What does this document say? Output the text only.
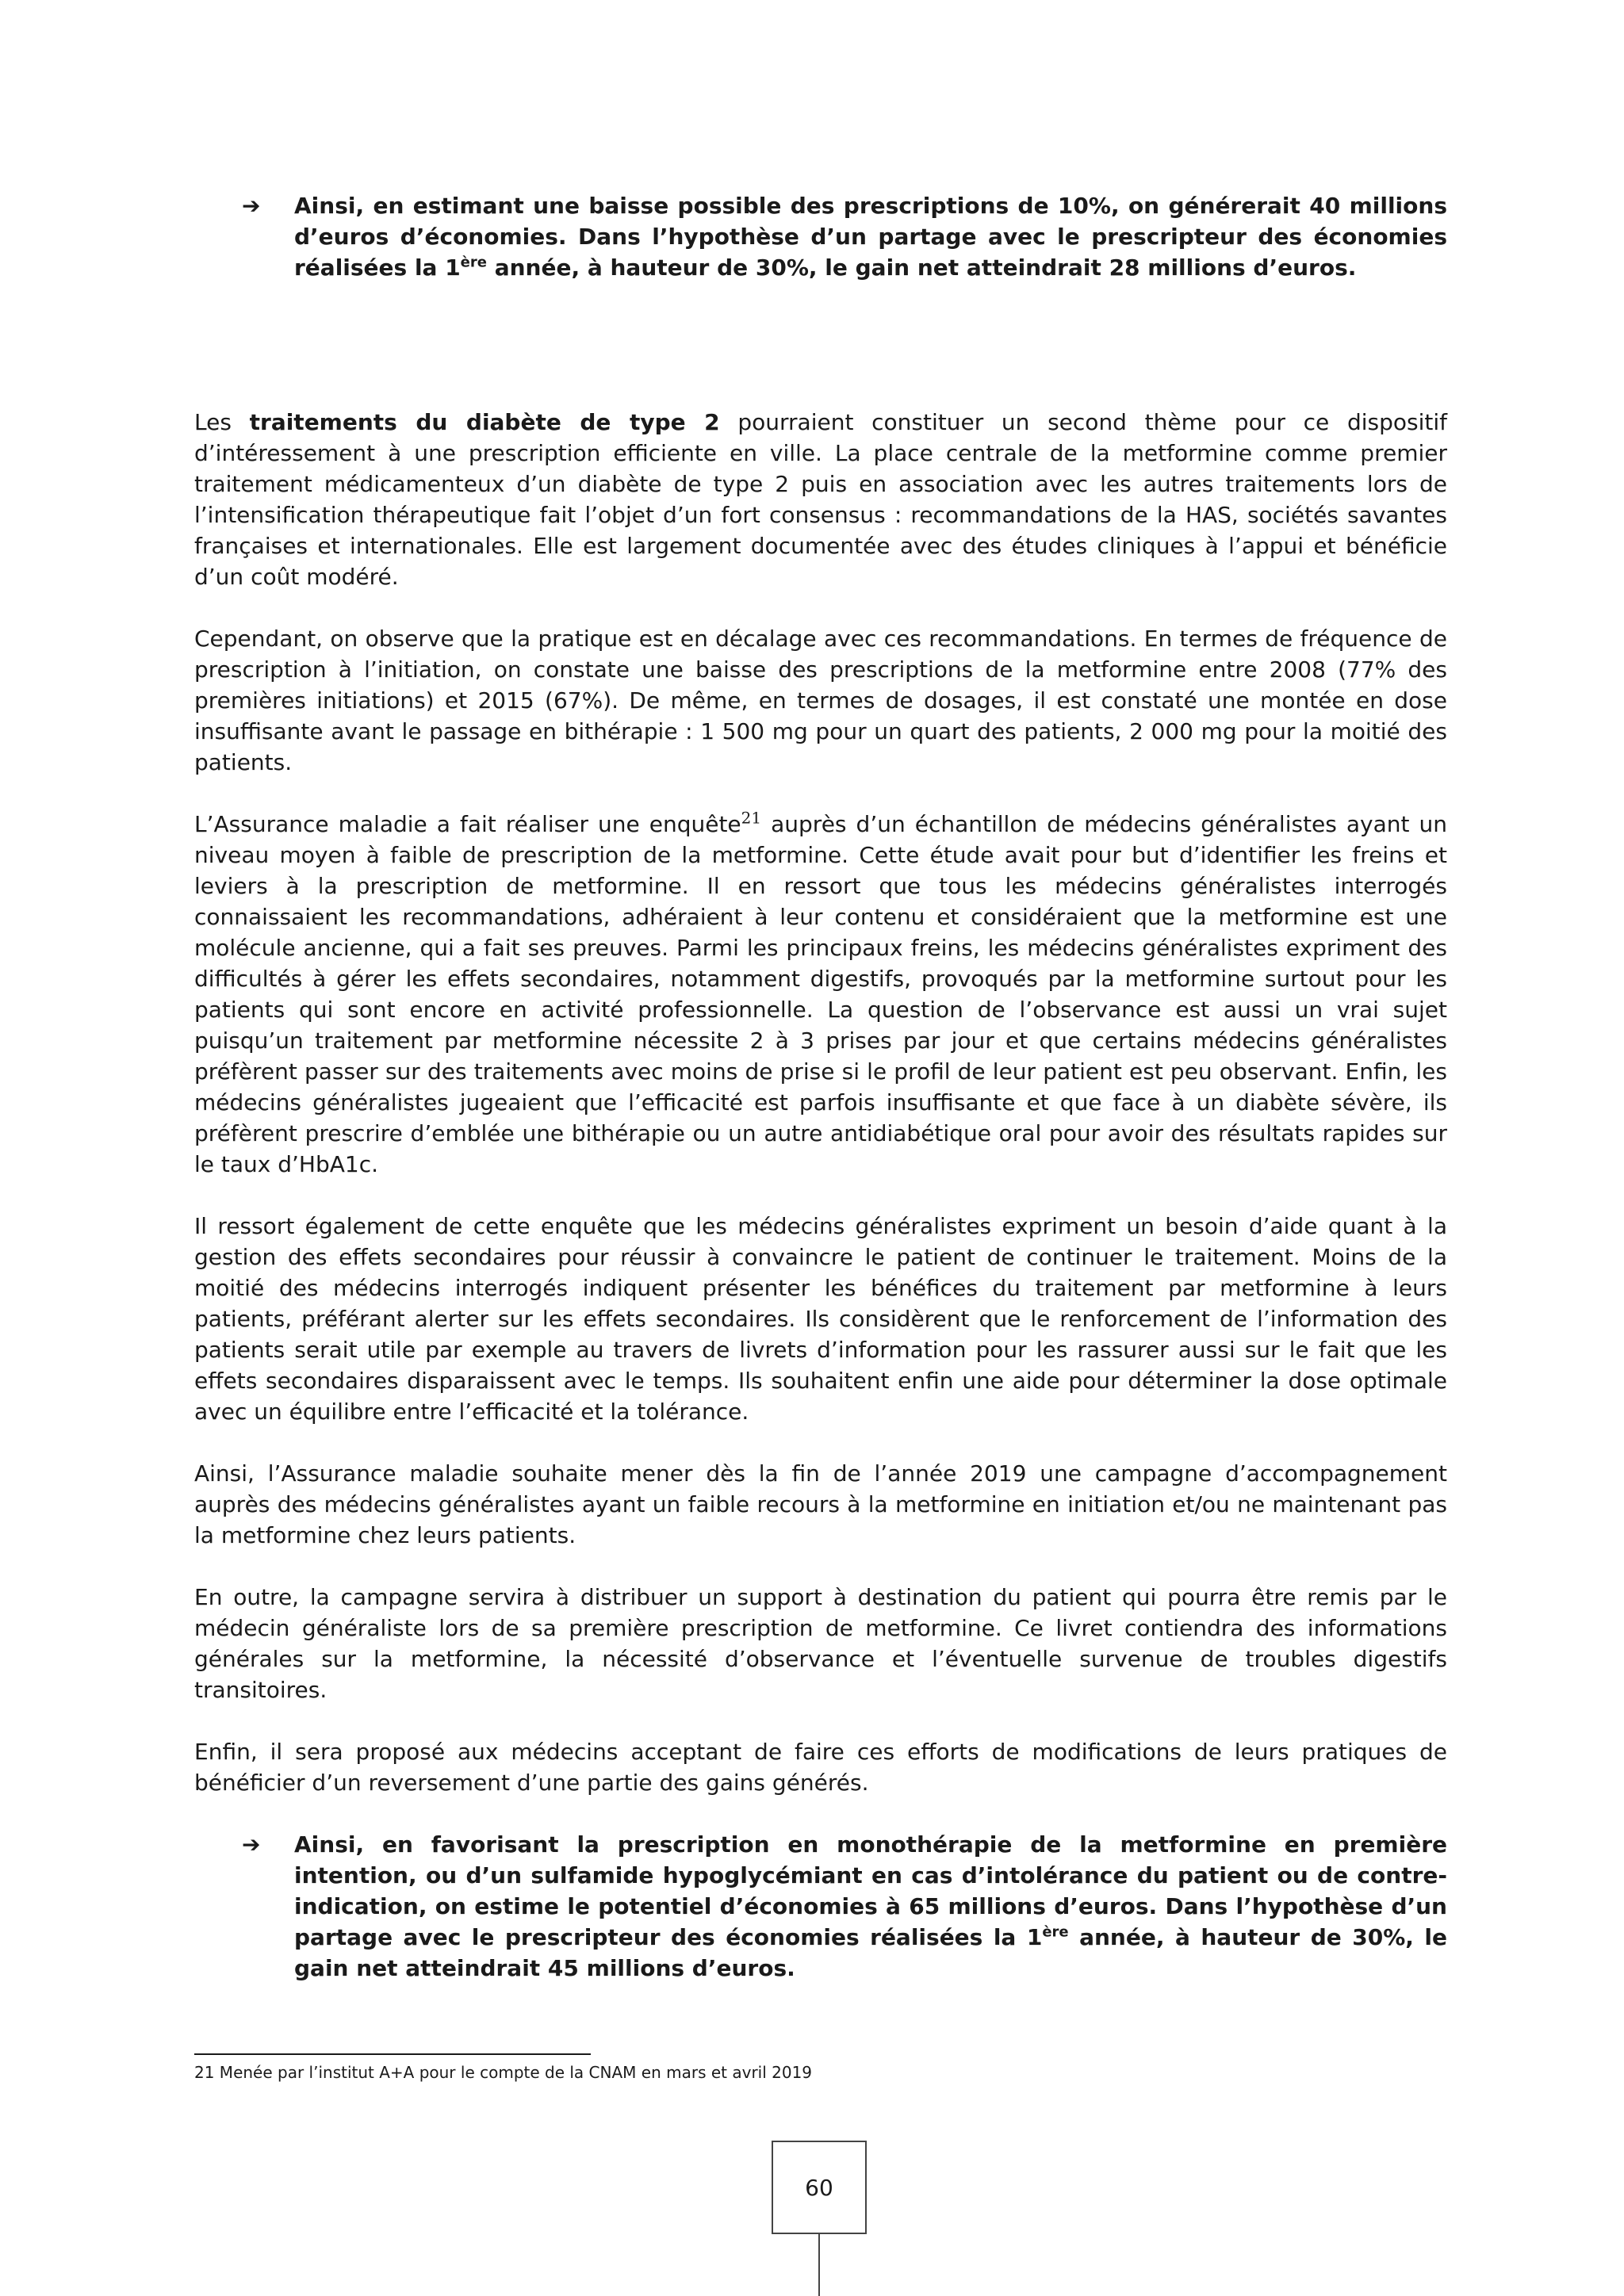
➔ Ainsi, en estimant une baisse possible des prescriptions de 10%, on générerait 40 millions d’euros d’économies. Dans l’hypothèse d’un partage avec le prescripteur des économies réalisées la 1ère année, à hauteur de 30%, le gain net atteindrait 28 millions d’euros.

Les traitements du diabète de type 2 pourraient constituer un second thème pour ce dispositif d’intéressement à une prescription efficiente en ville. La place centrale de la metformine comme premier traitement médicamenteux d’un diabète de type 2 puis en association avec les autres traitements lors de l’intensification thérapeutique fait l’objet d’un fort consensus : recommandations de la HAS, sociétés savantes françaises et internationales. Elle est largement documentée avec des études cliniques à l’appui et bénéficie d’un coût modéré.

Cependant, on observe que la pratique est en décalage avec ces recommandations. En termes de fréquence de prescription à l’initiation, on constate une baisse des prescriptions de la metformine entre 2008 (77% des premières initiations) et 2015 (67%). De même, en termes de dosages, il est constaté une montée en dose insuffisante avant le passage en bithérapie : 1 500 mg pour un quart des patients, 2 000 mg pour la moitié des patients.

L’Assurance maladie a fait réaliser une enquête$^{21}$ auprès d’un échantillon de médecins généralistes ayant un niveau moyen à faible de prescription de la metformine. Cette étude avait pour but d’identifier les freins et leviers à la prescription de metformine. Il en ressort que tous les médecins généralistes interrogés connaissaient les recommandations, adhéraient à leur contenu et considéraient que la metformine est une molécule ancienne, qui a fait ses preuves. Parmi les principaux freins, les médecins généralistes expriment des difficultés à gérer les effets secondaires, notamment digestifs, provoqués par la metformine surtout pour les patients qui sont encore en activité professionnelle. La question de l’observance est aussi un vrai sujet puisqu’un traitement par metformine nécessite 2 à 3 prises par jour et que certains médecins généralistes préfèrent passer sur des traitements avec moins de prise si le profil de leur patient est peu observant. Enfin, les médecins généralistes jugeaient que l’efficacité est parfois insuffisante et que face à un diabète sévère, ils préfèrent prescrire d’emblée une bithérapie ou un autre antidiabétique oral pour avoir des résultats rapides sur le taux d’HbA1c.

Il ressort également de cette enquête que les médecins généralistes expriment un besoin d’aide quant à la gestion des effets secondaires pour réussir à convaincre le patient de continuer le traitement. Moins de la moitié des médecins interrogés indiquent présenter les bénéfices du traitement par metformine à leurs patients, préférant alerter sur les effets secondaires. Ils considèrent que le renforcement de l’information des patients serait utile par exemple au travers de livrets d’information pour les rassurer aussi sur le fait que les effets secondaires disparaissent avec le temps. Ils souhaitent enfin une aide pour déterminer la dose optimale avec un équilibre entre l’efficacité et la tolérance.

Ainsi, l’Assurance maladie souhaite mener dès la fin de l’année 2019 une campagne d’accompagnement auprès des médecins généralistes ayant un faible recours à la metformine en initiation et/ou ne maintenant pas la metformine chez leurs patients.

En outre, la campagne servira à distribuer un support à destination du patient qui pourra être remis par le médecin généraliste lors de sa première prescription de metformine. Ce livret contiendra des informations générales sur la metformine, la nécessité d’observance et l’éventuelle survenue de troubles digestifs transitoires.

Enfin, il sera proposé aux médecins acceptant de faire ces efforts de modifications de leurs pratiques de bénéficier d’un reversement d’une partie des gains générés.

➔ Ainsi, en favorisant la prescription en monothérapie de la metformine en première intention, ou d’un sulfamide hypoglycémiant en cas d’intolérance du patient ou de contre-indication, on estime le potentiel d’économies à 65 millions d’euros. Dans l’hypothèse d’un partage avec le prescripteur des économies réalisées la 1ère année, à hauteur de 30%, le gain net atteindrait 45 millions d’euros.

21 Menée par l’institut A+A pour le compte de la CNAM en mars et avril 2019
60
